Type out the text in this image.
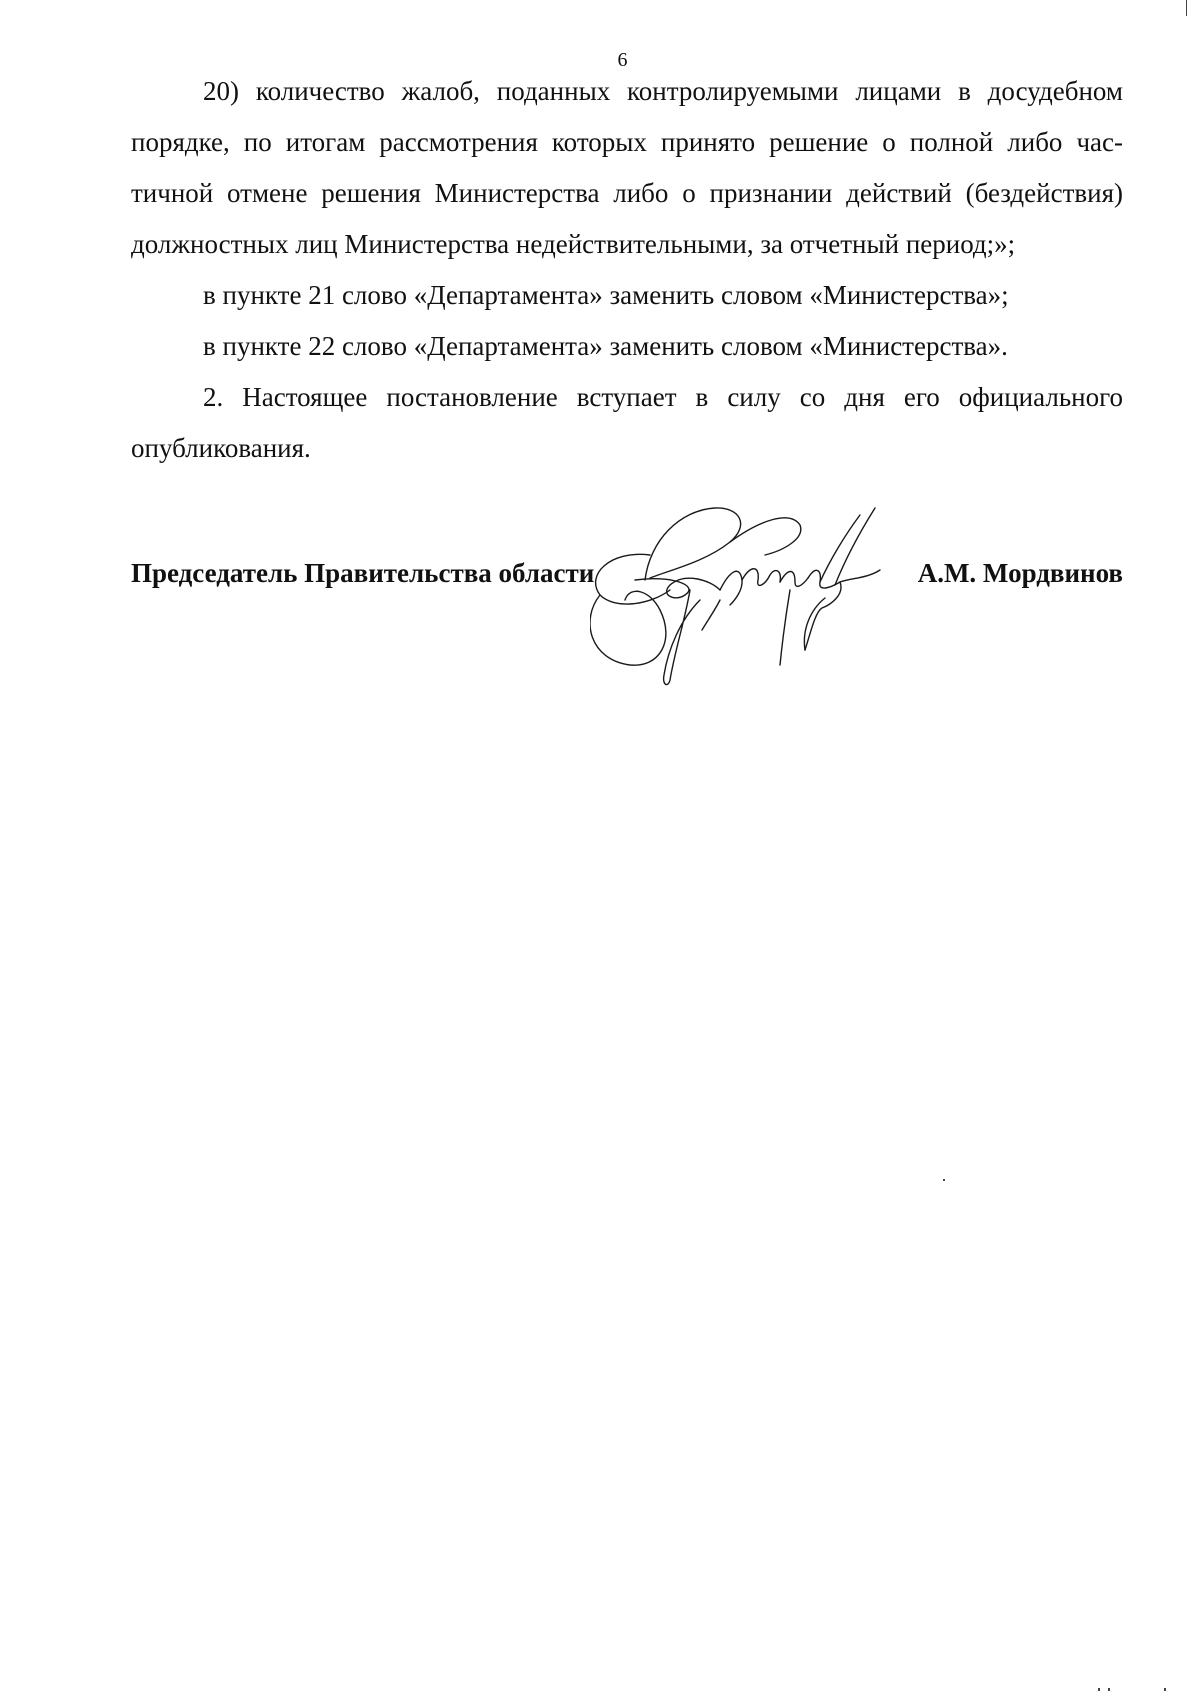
6

20) количество жалоб, поданных контролируемыми лицами в досудебном порядке, по итогам рассмотрения которых принято решение о полной либо частичной отмене решения Министерства либо о признании действий (бездействия) должностных лиц Министерства недействительными, за отчетный период;»;

в пункте 21 слово «Департамента» заменить словом «Министерства»;

в пункте 22 слово «Департамента» заменить словом «Министерства».

2. Настоящее постановление вступает в силу со дня его официального опубликования.

Председатель Правительства области	А.М. Мордвинов
